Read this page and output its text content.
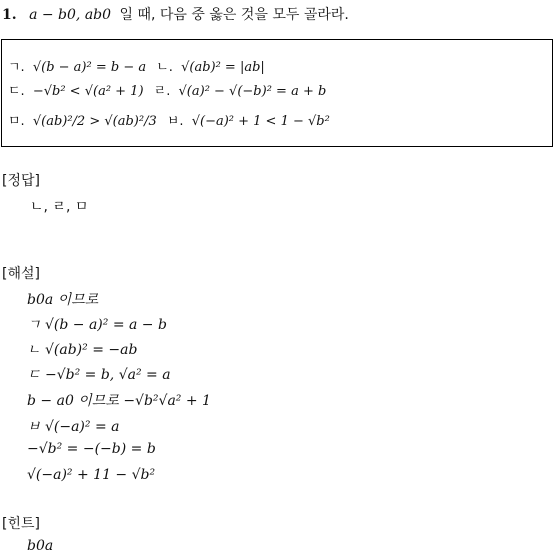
1. a − b0, ab0 일 때, 다음 중 옳은 것을 모두 골라라.
ㄱ. √(b − a)² = b − a ㄴ. √(ab)² = |ab|
ㄷ. −√b² < √(a² + 1) ㄹ. √(a)² − √(−b)² = a + b
ㅁ. √(ab)²/2 > √(ab)²/3 ㅂ. √(−a)² + 1 < 1 − √b²
[정답]
ㄴ, ㄹ, ㅁ
[해설]
b0a 이므로
ㄱ √(b − a)² = a − b
ㄴ √(ab)² = −ab
ㄷ −√b² = b, √a² = a
b − a0 이므로 −√b²√a² + 1
ㅂ √(−a)² = a
−√b² = −(−b) = b
√(−a)² + 11 − √b²
[힌트]
b0a
